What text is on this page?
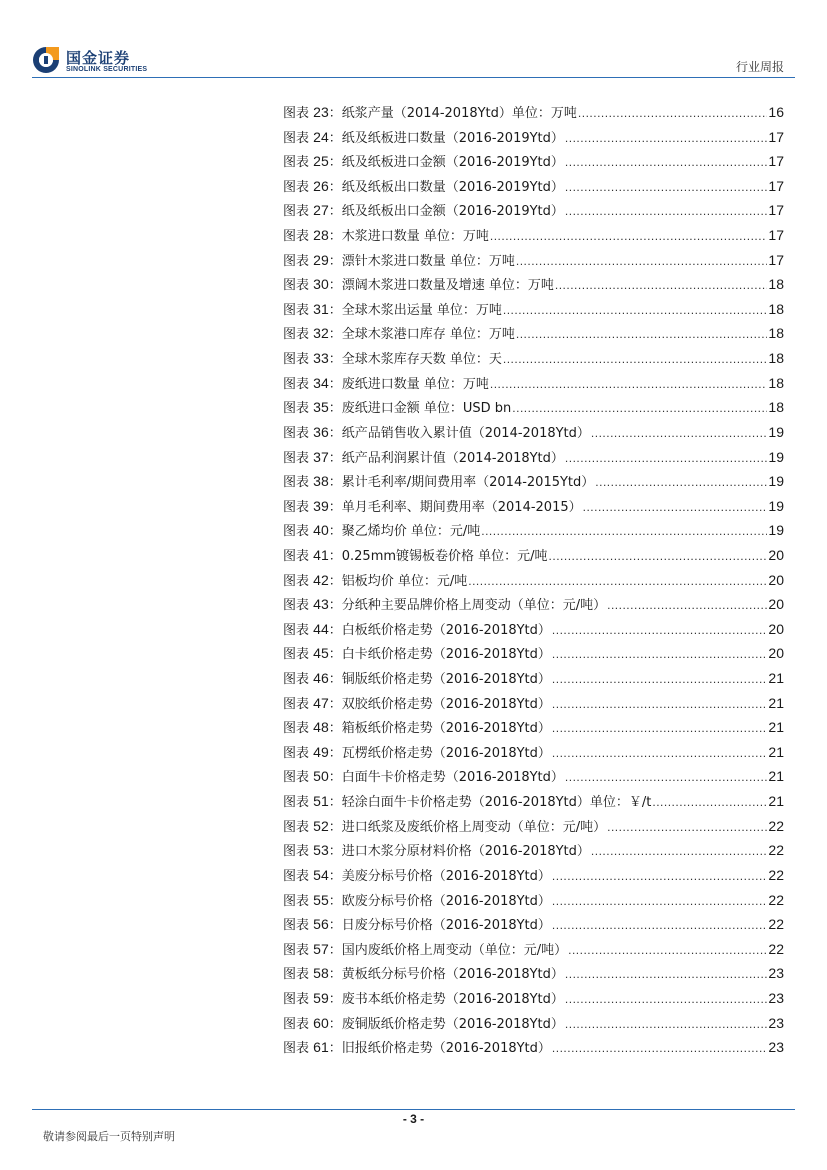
国金证券
SINOLINK SECURITIES	行业周报
图表 23： 纸浆产量（2014-2018Ytd）单位：万吨 .....	16
图表 24： 纸及纸板进口数量（2016-2019Ytd） .....	17
图表 25： 纸及纸板进口金额（2016-2019Ytd） .....	17
图表 26： 纸及纸板出口数量（2016-2019Ytd） .....	17
图表 27： 纸及纸板出口金额（2016-2019Ytd） .....	17
图表 28： 木浆进口数量 单位：万吨 .....	17
图表 29： 漂针木浆进口数量 单位：万吨 .....	17
图表 30： 漂阔木浆进口数量及增速 单位：万吨 .....	18
图表 31： 全球木浆出运量 单位：万吨 .....	18
图表 32： 全球木浆港口库存 单位：万吨 .....	18
图表 33： 全球木浆库存天数 单位：天 .....	18
图表 34： 废纸进口数量 单位：万吨 .....	18
图表 35： 废纸进口金额 单位：USD bn .....	18
图表 36： 纸产品销售收入累计值（2014-2018Ytd） .....	19
图表 37： 纸产品利润累计值（2014-2018Ytd） .....	19
图表 38： 累计毛利率/期间费用率（2014-2015Ytd） .....	19
图表 39： 单月毛利率、期间费用率（2014-2015） .....	19
图表 40： 聚乙烯均价 单位：元/吨 .....	19
图表 41： 0.25mm镀锡板卷价格 单位：元/吨 .....	20
图表 42： 铝板均价 单位：元/吨 .....	20
图表 43： 分纸种主要品牌价格上周变动（单位：元/吨） .....	20
图表 44： 白板纸价格走势（2016-2018Ytd） .....	20
图表 45： 白卡纸价格走势（2016-2018Ytd） .....	20
图表 46： 铜版纸价格走势（2016-2018Ytd） .....	21
图表 47： 双胶纸价格走势（2016-2018Ytd） .....	21
图表 48： 箱板纸价格走势（2016-2018Ytd） .....	21
图表 49： 瓦楞纸价格走势（2016-2018Ytd） .....	21
图表 50： 白面牛卡价格走势（2016-2018Ytd） .....	21
图表 51： 轻涂白面牛卡价格走势（2016-2018Ytd）单位：￥/t .....	21
图表 52： 进口纸浆及废纸价格上周变动（单位：元/吨） .....	22
图表 53： 进口木浆分原材料价格（2016-2018Ytd） .....	22
图表 54： 美废分标号价格（2016-2018Ytd） .....	22
图表 55： 欧废分标号价格（2016-2018Ytd） .....	22
图表 56： 日废分标号价格（2016-2018Ytd） .....	22
图表 57： 国内废纸价格上周变动（单位：元/吨） .....	22
图表 58： 黄板纸分标号价格（2016-2018Ytd） .....	23
图表 59： 废书本纸价格走势（2016-2018Ytd） .....	23
图表 60： 废铜版纸价格走势（2016-2018Ytd） .....	23
图表 61： 旧报纸价格走势（2016-2018Ytd） .....	23
- 3 -
敬请参阅最后一页特别声明
